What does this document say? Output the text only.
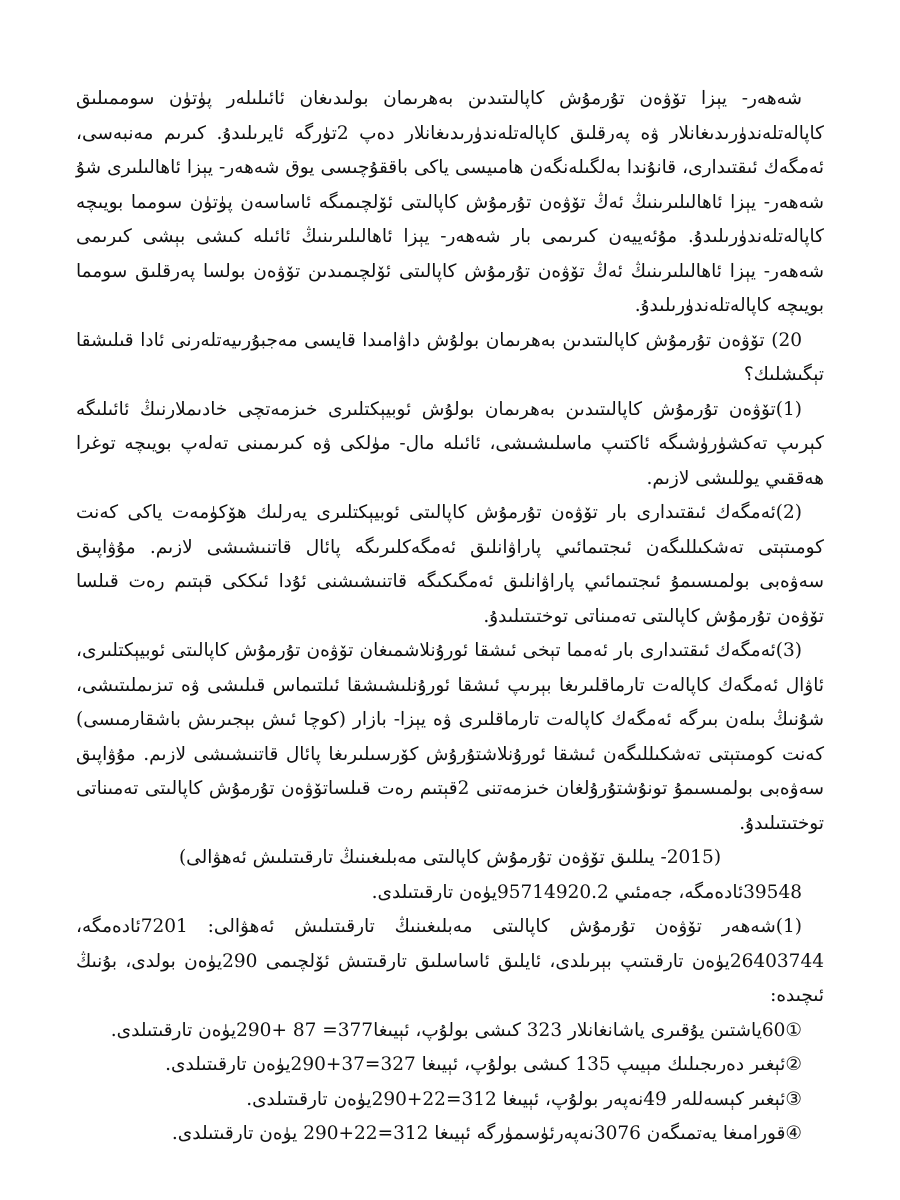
شەھەر- يېزا تۆۋەن تۇرمۇش كاپالىتىدىن بەھرىمان بولىدىغان ئائىلىلەر پۈتۈن سوممىلىق كاپالەتلەندۈرىدىغانلار ۋە پەرقلىق كاپالەتلەندۈرىدىغانلار دەپ 2تۈرگە ئايرىلىدۇ. كىرىم مەنبەسى، ئەمگەك ئىقتىدارى، قانۇندا بەلگىلەنگەن ھامىيسى ياكى باققۇچىسى يوق شەھەر- يېزا ئاھالىلىرى شۇ شەھەر- يېزا ئاھالىلىرىنىڭ ئەڭ تۆۋەن تۇرمۇش كاپالىتى ئۆلچىمىگە ئاساسەن پۈتۈن سومما بويىچە كاپالەتلەندۈرىلىدۇ. مۇئەييەن كىرىمى بار شەھەر- يېزا ئاھالىلىرىنىڭ ئائىلە كىشى بېشى كىرىمى شەھەر- يېزا ئاھالىلىرىنىڭ ئەڭ تۆۋەن تۇرمۇش كاپالىتى ئۆلچىمىدىن تۆۋەن بولسا پەرقلىق سومما بويىچە كاپالەتلەندۈرىلىدۇ.

20) تۆۋەن تۇرمۇش كاپالىتىدىن بەھرىمان بولۇش داۋامىدا قايسى مەجبۇرىيەتلەرنى ئادا قىلىشقا تېگىشلىك؟

(1)تۆۋەن تۇرمۇش كاپالىتىدىن بەھرىمان بولۇش ئوبيېكتلىرى خىزمەتچى خادىملارنىڭ ئائىلىگە كېرىپ تەكشۈرۈشىگە ئاكتىپ ماسلىشىشى، ئائىلە مال- مۈلكى ۋە كىرىمىنى تەلەپ بويىچە توغرا ھەققىي يوللىشى لازىم.

(2)ئەمگەك ئىقتىدارى بار تۆۋەن تۇرمۇش كاپالىتى ئوبيېكتلىرى يەرلىك ھۆكۈمەت ياكى كەنت كومىتېتى تەشكىللىگەن ئىجتىمائىي پاراۋانلىق ئەمگەكلىرىگە پائال قاتنىشىشى لازىم. مۇۋاپىق سەۋەبى بولمىسىمۇ ئىجتىمائىي پاراۋانلىق ئەمگىكىگە قاتنىشىشنى ئۇدا ئىككى قېتىم رەت قىلسا تۆۋەن تۇرمۇش كاپالىتى تەمىناتى توختىتىلىدۇ.

(3)ئەمگەك ئىقتىدارى بار ئەمما تېخى ئىشقا ئورۇنلاشمىغان تۆۋەن تۇرمۇش كاپالىتى ئوبيېكتلىرى، ئاۋال ئەمگەك كاپالەت تارماقلىرىغا بېرىپ ئىشقا ئورۇنلىشىشقا ئىلتىماس قىلىشى ۋە تىزىملىتىشى، شۇنىڭ بىلەن بىرگە ئەمگەك كاپالەت تارماقلىرى ۋە يېزا- بازار (كوچا ئىش بېجىرىش باشقارمىسى) كەنت كومىتېتى تەشكىللىگەن ئىشقا ئورۇنلاشتۇرۇش كۆرسىلىرىغا پائال قاتنىشىشى لازىم. مۇۋاپىق سەۋەبى بولمىسىمۇ تونۇشتۇرۇلغان خىزمەتنى 2قېتىم رەت قىلساتۆۋەن تۇرمۇش كاپالىتى تەمىناتى توختىتىلىدۇ.

(2015- يىللىق تۆۋەن تۇرمۇش كاپالىتى مەبلىغىنىڭ تارقىتىلىش ئەھۋالى)

39548ئادەمگە، جەمئىي 95714920.2يۈەن تارقىتىلدى.

(1)شەھەر تۆۋەن تۇرمۇش كاپالىتى مەبلىغىنىڭ تارقىتىلىش ئەھۋالى: 7201ئادەمگە، 26403744يۈەن تارقىتىپ بېرىلدى، ئايلىق ئاساسلىق تارقىتىش ئۆلچىمى 290يۈەن بولدى، بۇنىڭ ئىچىدە:

①60ياشتىن يۇقىرى ياشانغانلار 323 كىشى بولۇپ، ئېيىغا377= 87 +290يۈەن تارقىتىلدى.

②ئېغىر دەرىجىلىك مېيىپ 135 كىشى بولۇپ، ئېيىغا 327=37+290يۈەن تارقىتىلدى.

③ئېغىر كېسەللەر 49نەپەر بولۇپ، ئېيىغا 312=22+290يۈەن تارقىتىلدى.

④قورامىغا يەتمىگەن 3076نەپەرئۈسمۈرگە ئېيىغا 312=22+290 يۈەن تارقىتىلدى.
